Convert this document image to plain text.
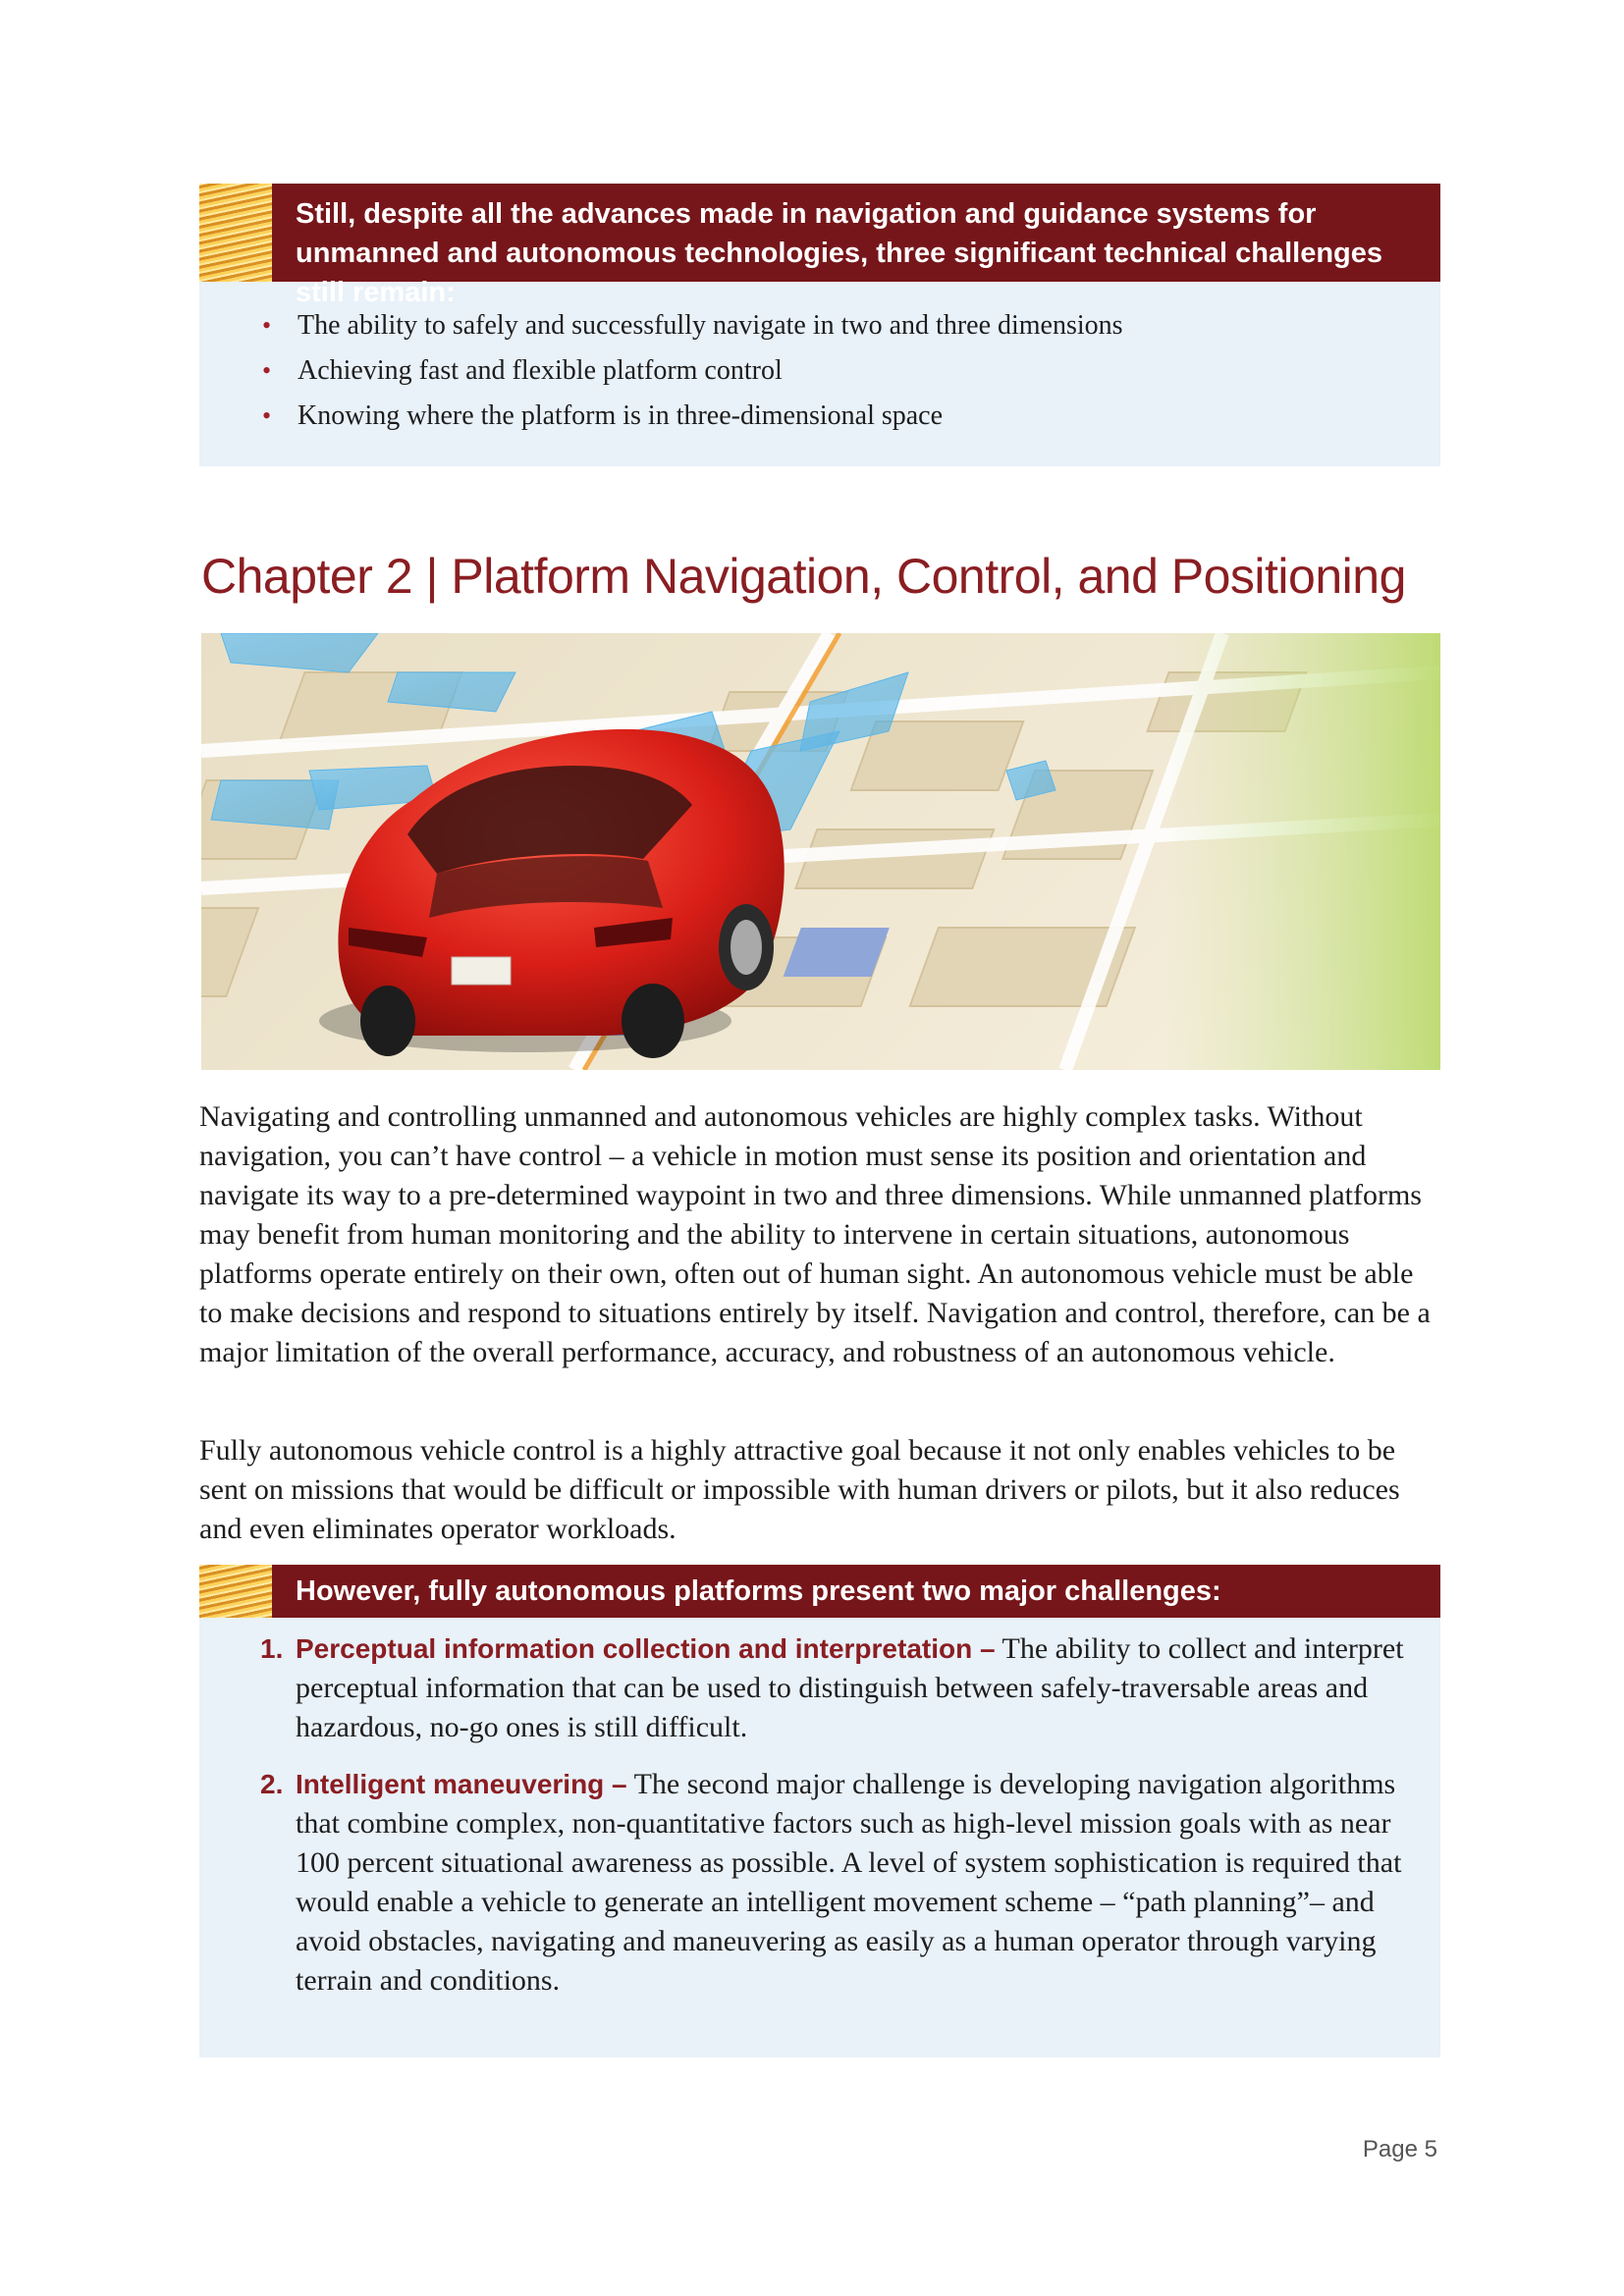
Still, despite all the advances made in navigation and guidance systems for unmanned and autonomous technologies, three significant technical challenges still remain:
• The ability to safely and successfully navigate in two and three dimensions
• Achieving fast and flexible platform control
• Knowing where the platform is in three-dimensional space
Chapter 2 | Platform Navigation, Control, and Positioning

Navigating and controlling unmanned and autonomous vehicles are highly complex tasks. Without navigation, you can’t have control – a vehicle in motion must sense its position and orientation and navigate its way to a pre-determined waypoint in two and three dimensions. While unmanned platforms may benefit from human monitoring and the ability to intervene in certain situations, autonomous platforms operate entirely on their own, often out of human sight. An autonomous vehicle must be able to make decisions and respond to situations entirely by itself. Navigation and control, therefore, can be a major limitation of the overall performance, accuracy, and robustness of an autonomous vehicle.

Fully autonomous vehicle control is a highly attractive goal because it not only enables vehicles to be sent on missions that would be difficult or impossible with human drivers or pilots, but it also reduces and even eliminates operator workloads.

However, fully autonomous platforms present two major challenges:
1. Perceptual information collection and interpretation – The ability to collect and interpret perceptual information that can be used to distinguish between safely-traversable areas and hazardous, no-go ones is still difficult.
2. Intelligent maneuvering – The second major challenge is developing navigation algorithms that combine complex, non-quantitative factors such as high-level mission goals with as near 100 percent situational awareness as possible. A level of system sophistication is required that would enable a vehicle to generate an intelligent movement scheme – “path planning”– and avoid obstacles, navigating and maneuvering as easily as a human operator through varying terrain and conditions.
Page 5
